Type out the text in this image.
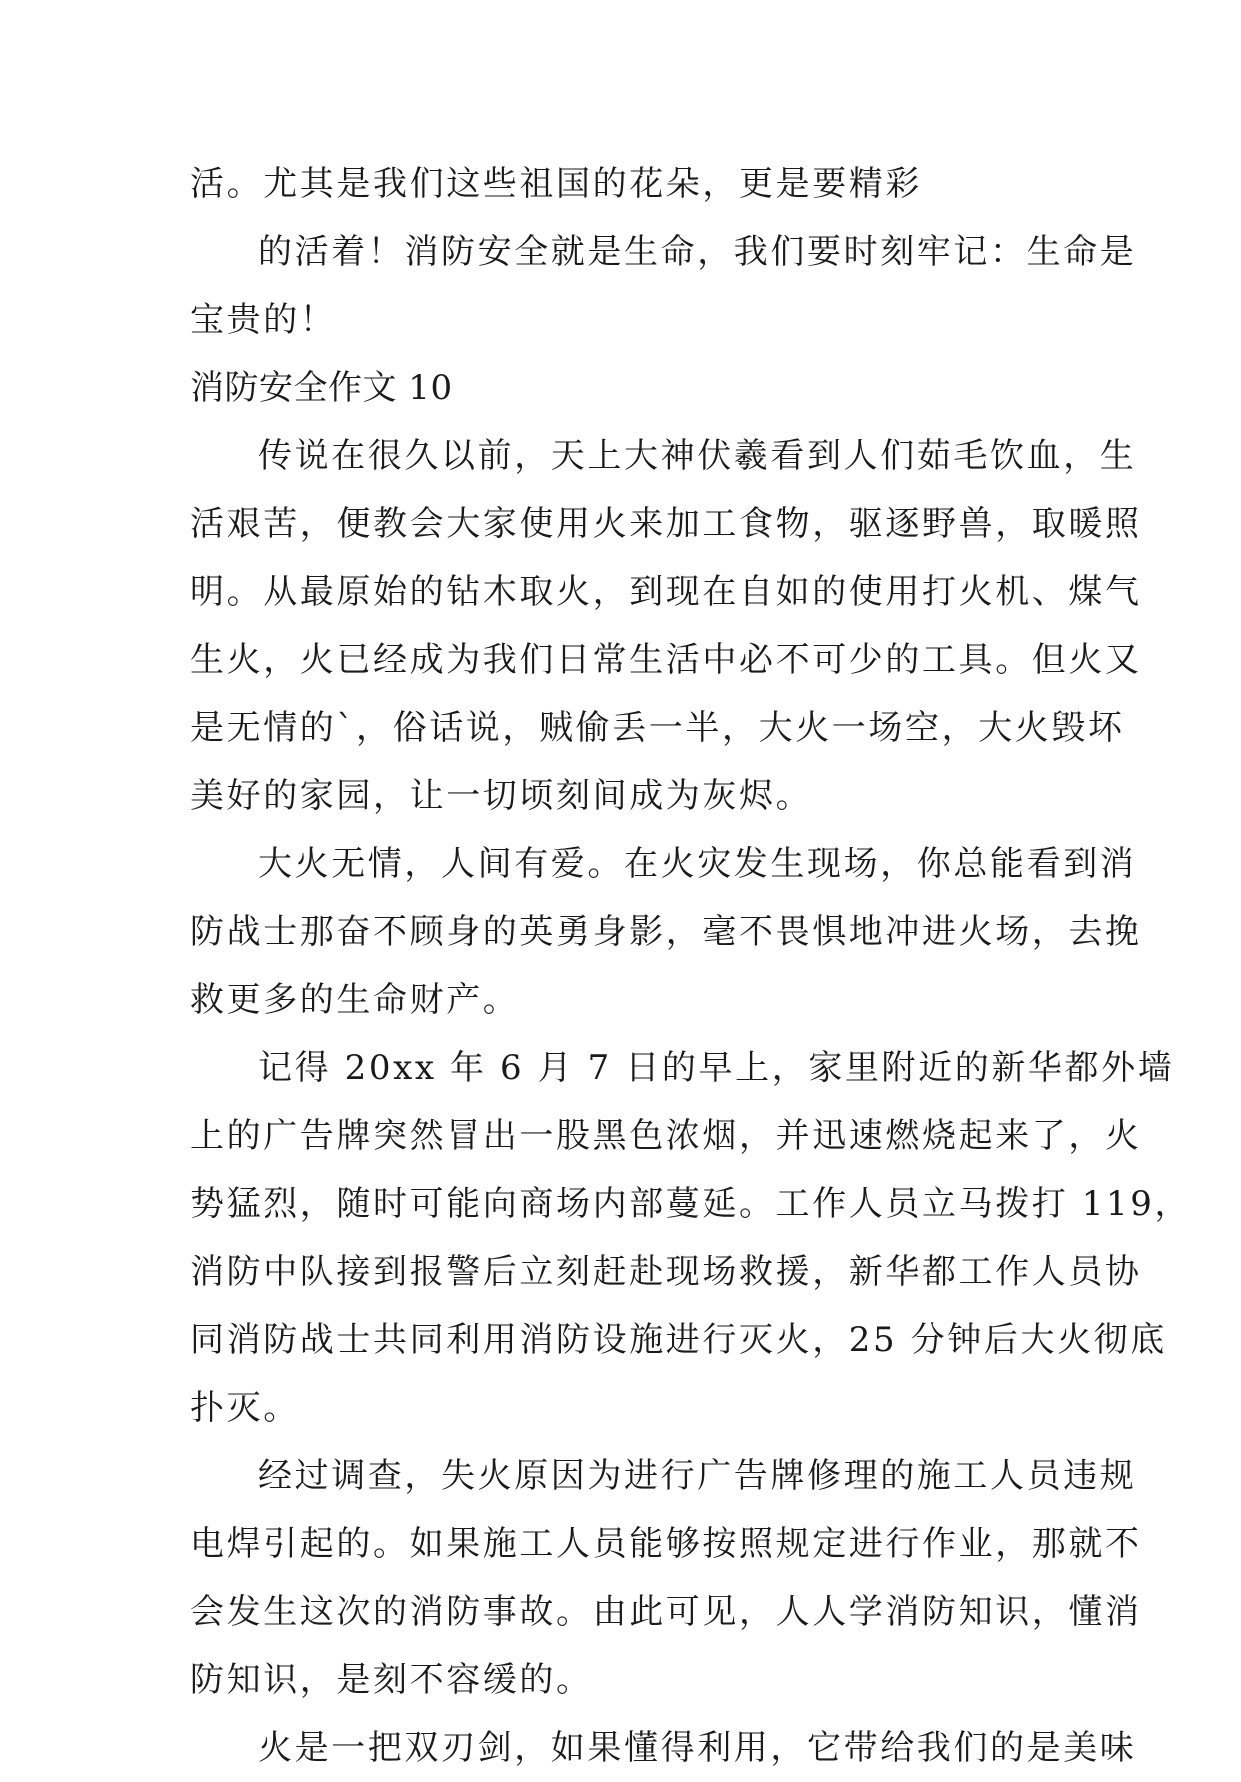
活。尤其是我们这些祖国的花朵，更是要精彩
的活着！消防安全就是生命，我们要时刻牢记：生命是
宝贵的！
消防安全作文 10
传说在很久以前，天上大神伏羲看到人们茹毛饮血，生
活艰苦，便教会大家使用火来加工食物，驱逐野兽，取暖照
明。从最原始的钻木取火，到现在自如的使用打火机、煤气
生火，火已经成为我们日常生活中必不可少的工具。但火又
是无情的`，俗话说，贼偷丢一半，大火一场空，大火毁坏
美好的家园，让一切顷刻间成为灰烬。
大火无情，人间有爱。在火灾发生现场，你总能看到消
防战士那奋不顾身的英勇身影，毫不畏惧地冲进火场，去挽
救更多的生命财产。
记得 20xx 年 6 月 7 日的早上，家里附近的新华都外墙
上的广告牌突然冒出一股黑色浓烟，并迅速燃烧起来了，火
势猛烈，随时可能向商场内部蔓延。工作人员立马拨打 119，
消防中队接到报警后立刻赶赴现场救援，新华都工作人员协
同消防战士共同利用消防设施进行灭火，25 分钟后大火彻底
扑灭。
经过调查，失火原因为进行广告牌修理的施工人员违规
电焊引起的。如果施工人员能够按照规定进行作业，那就不
会发生这次的消防事故。由此可见，人人学消防知识，懂消
防知识，是刻不容缓的。
火是一把双刃剑，如果懂得利用，它带给我们的是美味
